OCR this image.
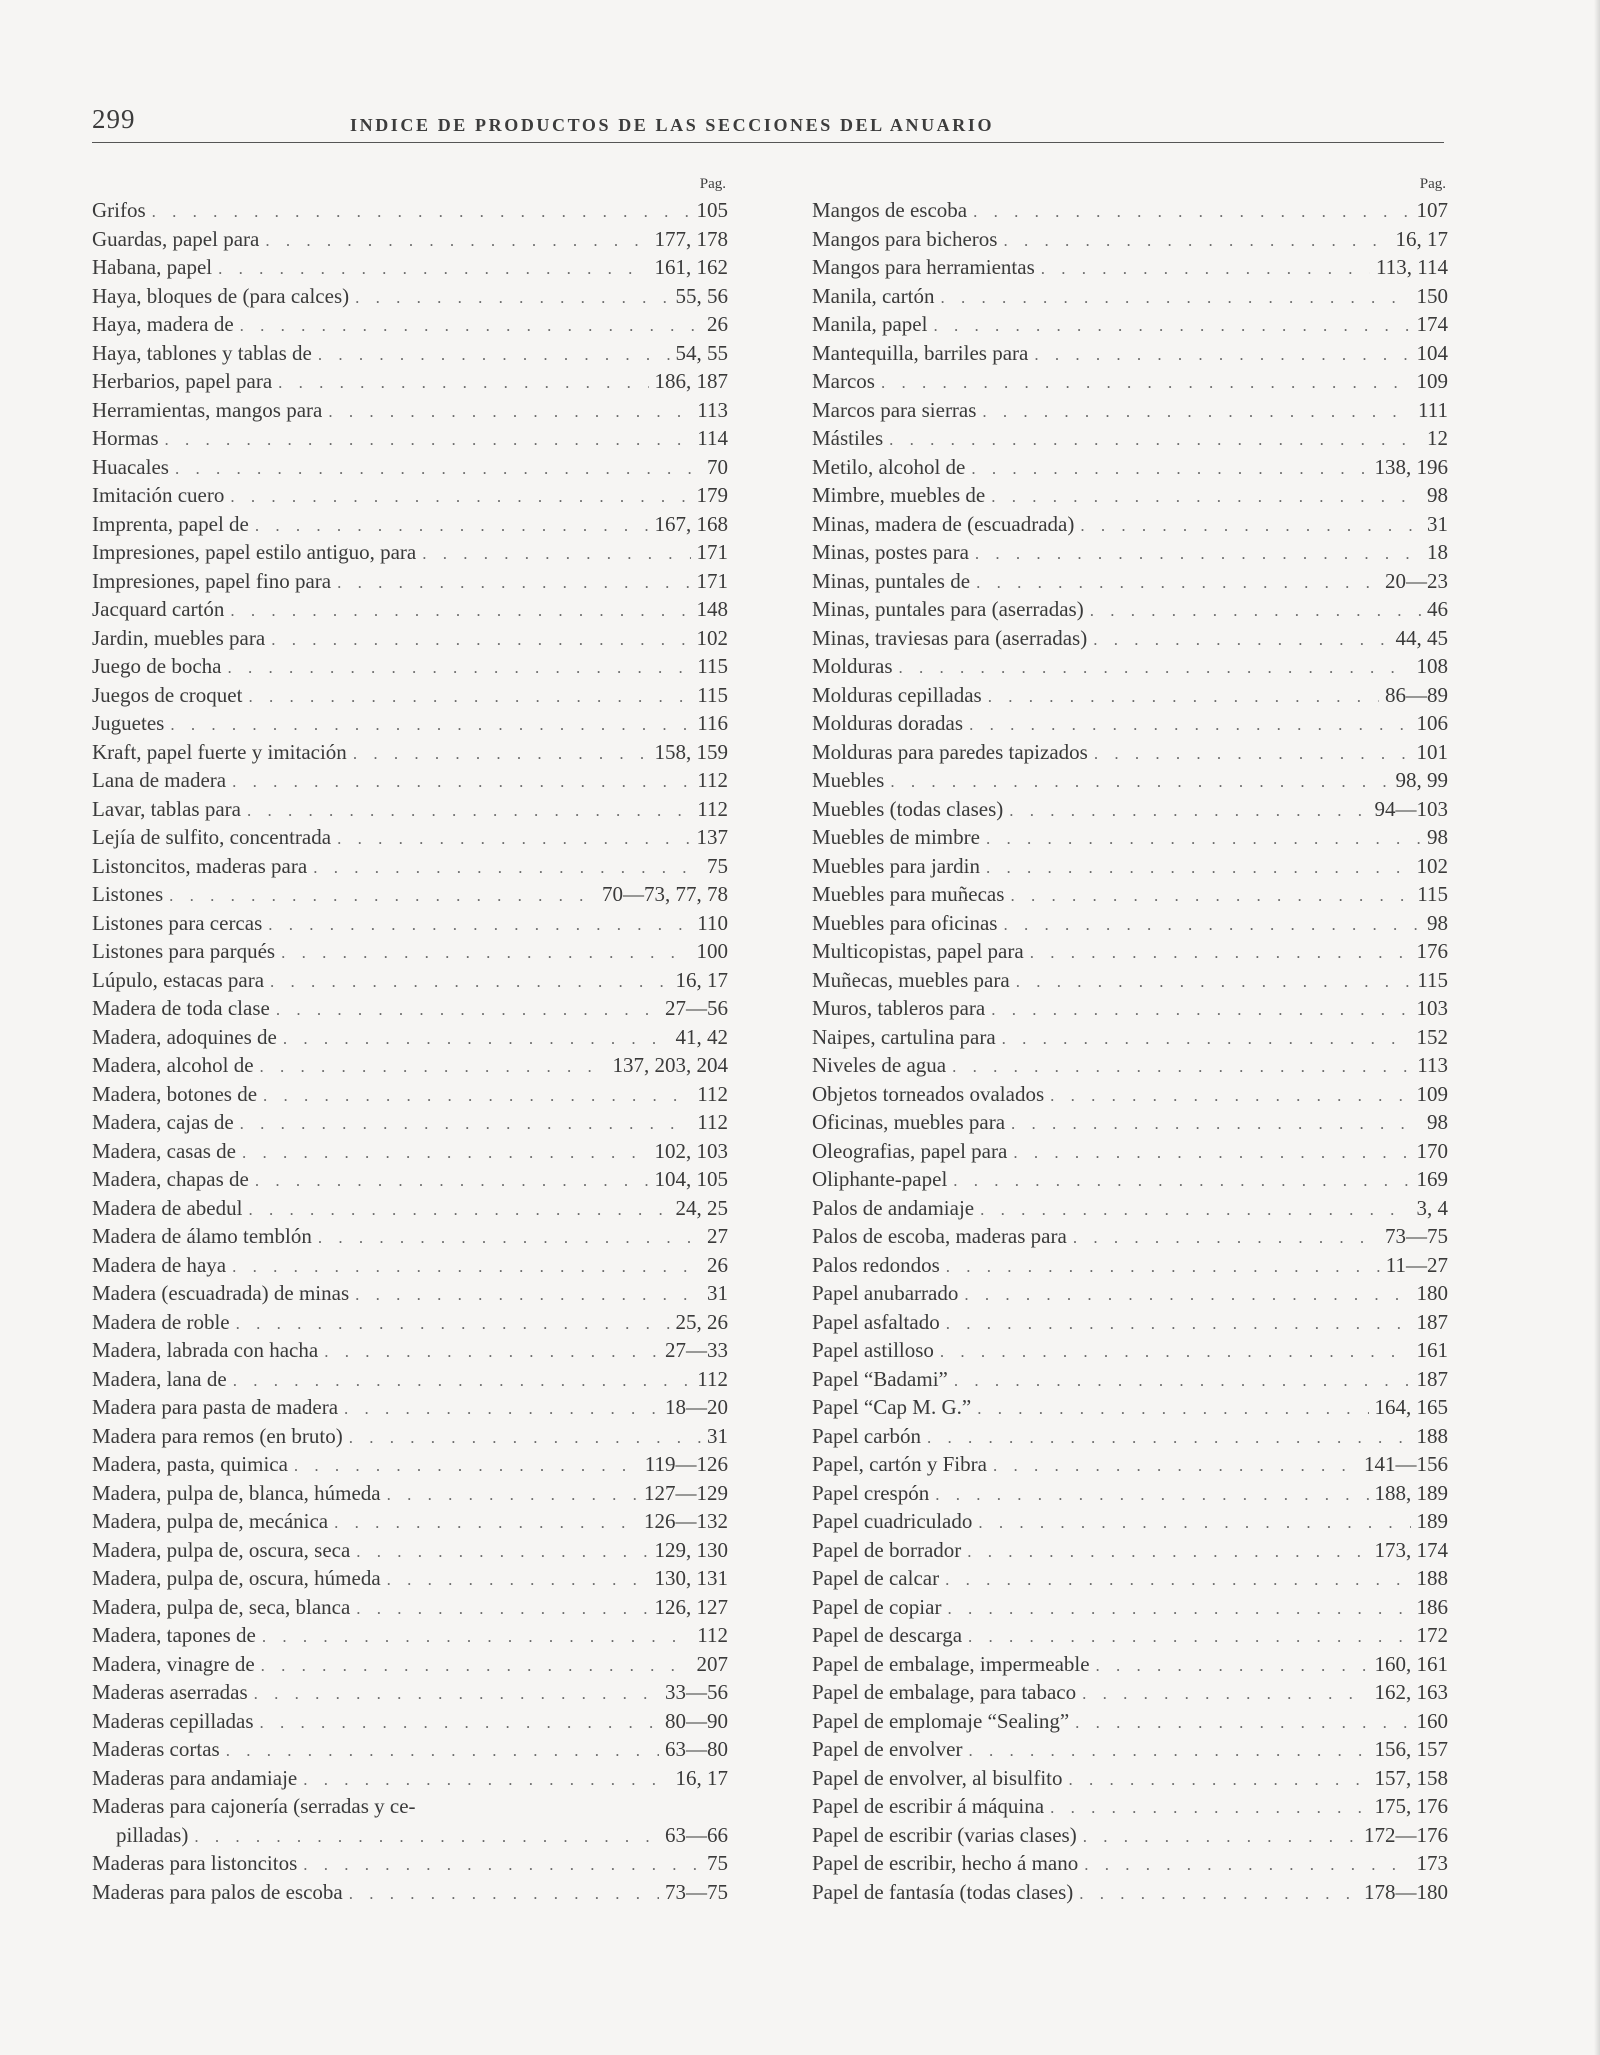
299	INDICE DE PRODUCTOS DE LAS SECCIONES DEL ANUARIO
Pag.
Grifos . . .	105
Guardas, papel para . . .	177, 178
Habana, papel . . .	161, 162
Haya, bloques de (para calces) . . .	55, 56
Haya, madera de . . .	26
Haya, tablones y tablas de . . .	54, 55
Herbarios, papel para . . .	186, 187
Herramientas, mangos para . . .	113
Hormas . . .	114
Huacales . . .	70
Imitación cuero . . .	179
Imprenta, papel de . . .	167, 168
Impresiones, papel estilo antiguo, para . . .	171
Impresiones, papel fino para . . .	171
Jacquard cartón . . .	148
Jardin, muebles para . . .	102
Juego de bocha . . .	115
Juegos de croquet . . .	115
Juguetes . . .	116
Kraft, papel fuerte y imitación . . .	158, 159
Lana de madera . . .	112
Lavar, tablas para . . .	112
Lejía de sulfito, concentrada . . .	137
Listoncitos, maderas para . . .	75
Listones . . .	70—73, 77, 78
Listones para cercas . . .	110
Listones para parqués . . .	100
Lúpulo, estacas para . . .	16, 17
Madera de toda clase . . .	27—56
Madera, adoquines de . . .	41, 42
Madera, alcohol de . . .	137, 203, 204
Madera, botones de . . .	112
Madera, cajas de . . .	112
Madera, casas de . . .	102, 103
Madera, chapas de . . .	104, 105
Madera de abedul . . .	24, 25
Madera de álamo temblón . . .	27
Madera de haya . . .	26
Madera (escuadrada) de minas . . .	31
Madera de roble . . .	25, 26
Madera, labrada con hacha . . .	27—33
Madera, lana de . . .	112
Madera para pasta de madera . . .	18—20
Madera para remos (en bruto) . . .	31
Madera, pasta, quimica . . .	119—126
Madera, pulpa de, blanca, húmeda . . .	127—129
Madera, pulpa de, mecánica . . .	126—132
Madera, pulpa de, oscura, seca . . .	129, 130
Madera, pulpa de, oscura, húmeda . . .	130, 131
Madera, pulpa de, seca, blanca . . .	126, 127
Madera, tapones de . . .	112
Madera, vinagre de . . .	207
Maderas aserradas . . .	33—56
Maderas cepilladas . . .	80—90
Maderas cortas . . .	63—80
Maderas para andamiaje . . .	16, 17
Maderas para cajonería (serradas y ce-
pilladas) . . .	63—66
Maderas para listoncitos . . .	75
Maderas para palos de escoba . . .	73—75
Pag.
Mangos de escoba . . .	107
Mangos para bicheros . . .	16, 17
Mangos para herramientas . . .	113, 114
Manila, cartón . . .	150
Manila, papel . . .	174
Mantequilla, barriles para . . .	104
Marcos . . .	109
Marcos para sierras . . .	111
Mástiles . . .	12
Metilo, alcohol de . . .	138, 196
Mimbre, muebles de . . .	98
Minas, madera de (escuadrada) . . .	31
Minas, postes para . . .	18
Minas, puntales de . . .	20—23
Minas, puntales para (aserradas) . . .	46
Minas, traviesas para (aserradas) . . .	44, 45
Molduras . . .	108
Molduras cepilladas . . .	86—89
Molduras doradas . . .	106
Molduras para paredes tapizados . . .	101
Muebles . . .	98, 99
Muebles (todas clases) . . .	94—103
Muebles de mimbre . . .	98
Muebles para jardin . . .	102
Muebles para muñecas . . .	115
Muebles para oficinas . . .	98
Multicopistas, papel para . . .	176
Muñecas, muebles para . . .	115
Muros, tableros para . . .	103
Naipes, cartulina para . . .	152
Niveles de agua . . .	113
Objetos torneados ovalados . . .	109
Oficinas, muebles para . . .	98
Oleografias, papel para . . .	170
Oliphante-papel . . .	169
Palos de andamiaje . . .	3, 4
Palos de escoba, maderas para . . .	73—75
Palos redondos . . .	11—27
Papel anubarrado . . .	180
Papel asfaltado . . .	187
Papel astilloso . . .	161
Papel “Badami” . . .	187
Papel “Cap M. G.” . . .	164, 165
Papel carbón . . .	188
Papel, cartón y Fibra . . .	141—156
Papel crespón . . .	188, 189
Papel cuadriculado . . .	189
Papel de borrador . . .	173, 174
Papel de calcar . . .	188
Papel de copiar . . .	186
Papel de descarga . . .	172
Papel de embalage, impermeable . . .	160, 161
Papel de embalage, para tabaco . . .	162, 163
Papel de emplomaje “Sealing” . . .	160
Papel de envolver . . .	156, 157
Papel de envolver, al bisulfito . . .	157, 158
Papel de escribir á máquina . . .	175, 176
Papel de escribir (varias clases) . . .	172—176
Papel de escribir, hecho á mano . . .	173
Papel de fantasía (todas clases) . . .	178—180
